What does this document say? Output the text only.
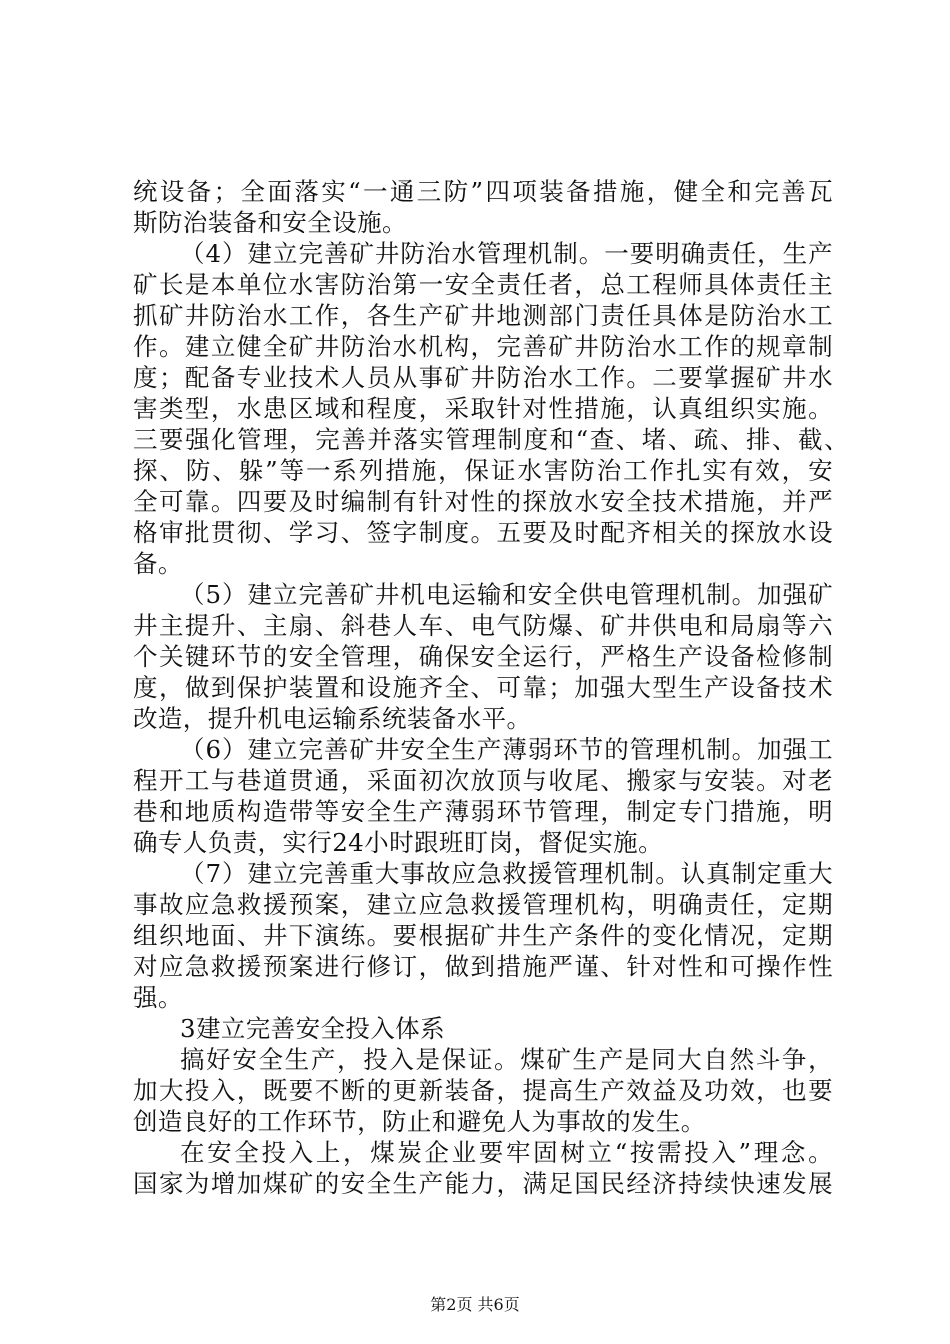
统设备；全面落实“一通三防”四项装备措施，健全和完善瓦
斯防治装备和安全设施。
（4）建立完善矿井防治水管理机制。一要明确责任，生产
矿长是本单位水害防治第一安全责任者，总工程师具体责任主
抓矿井防治水工作，各生产矿井地测部门责任具体是防治水工
作。建立健全矿井防治水机构，完善矿井防治水工作的规章制
度；配备专业技术人员从事矿井防治水工作。二要掌握矿井水
害类型，水患区域和程度，采取针对性措施，认真组织实施。
三要强化管理，完善并落实管理制度和“查、堵、疏、排、截、
探、防、躲”等一系列措施，保证水害防治工作扎实有效，安
全可靠。四要及时编制有针对性的探放水安全技术措施，并严
格审批贯彻、学习、签字制度。五要及时配齐相关的探放水设
备。
（5）建立完善矿井机电运输和安全供电管理机制。加强矿
井主提升、主扇、斜巷人车、电气防爆、矿井供电和局扇等六
个关键环节的安全管理，确保安全运行，严格生产设备检修制
度，做到保护装置和设施齐全、可靠；加强大型生产设备技术
改造，提升机电运输系统装备水平。
（6）建立完善矿井安全生产薄弱环节的管理机制。加强工
程开工与巷道贯通，采面初次放顶与收尾、搬家与安装。对老
巷和地质构造带等安全生产薄弱环节管理，制定专门措施，明
确专人负责，实行24小时跟班盯岗，督促实施。
（7）建立完善重大事故应急救援管理机制。认真制定重大
事故应急救援预案，建立应急救援管理机构，明确责任，定期
组织地面、井下演练。要根据矿井生产条件的变化情况，定期
对应急救援预案进行修订，做到措施严谨、针对性和可操作性
强。
3建立完善安全投入体系
搞好安全生产，投入是保证。煤矿生产是同大自然斗争，
加大投入，既要不断的更新装备，提高生产效益及功效，也要
创造良好的工作环节，防止和避免人为事故的发生。
在安全投入上，煤炭企业要牢固树立“按需投入”理念。
国家为增加煤矿的安全生产能力，满足国民经济持续快速发展
第2页 共6页
